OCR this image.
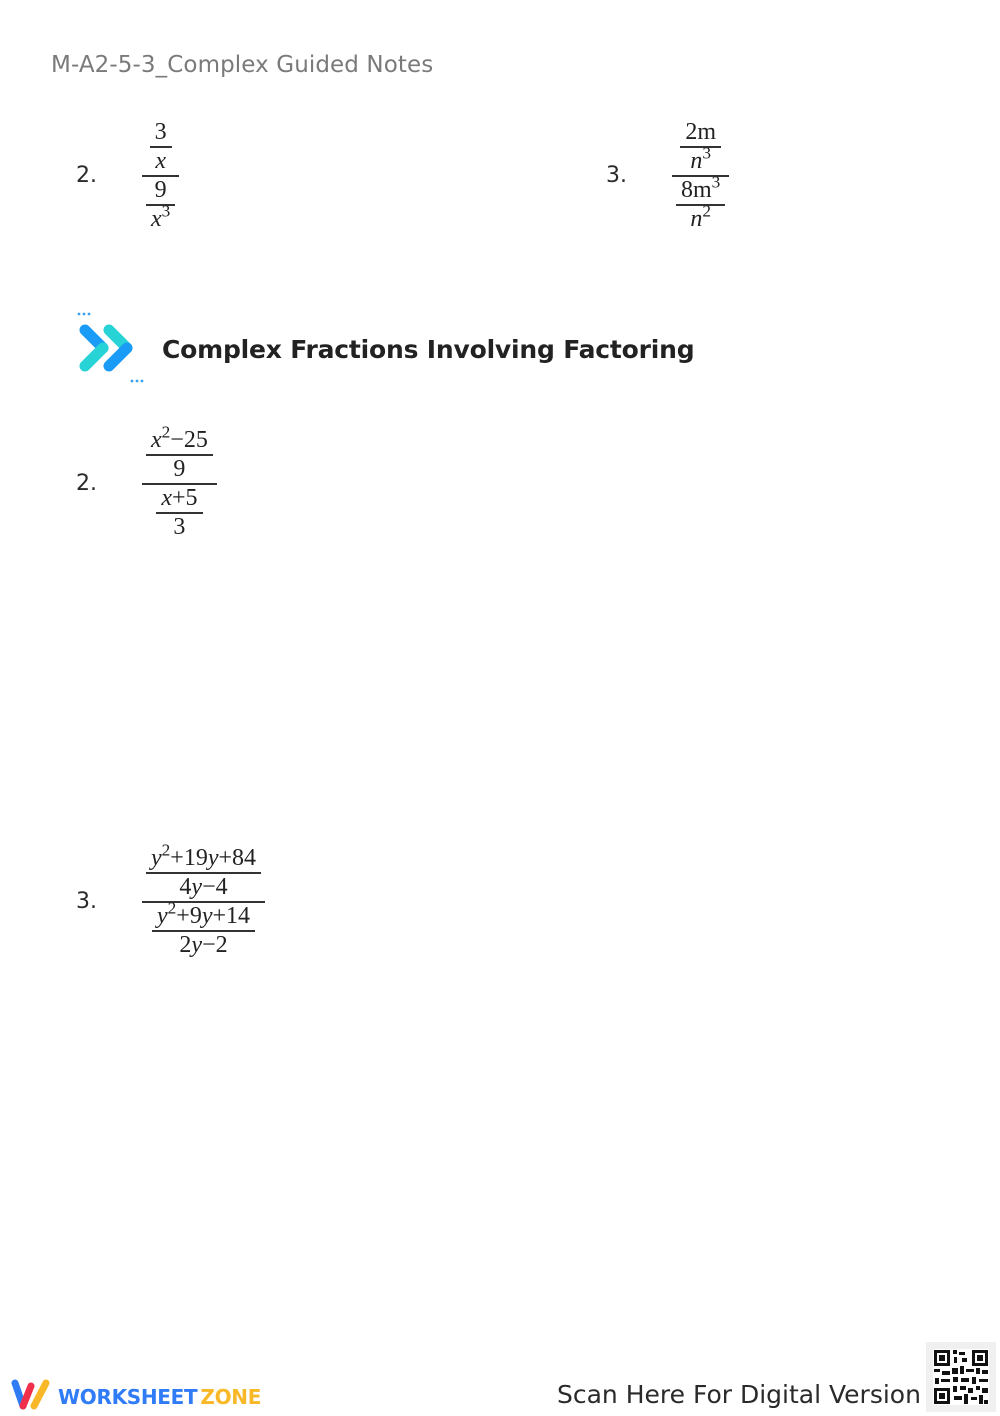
M-A2-5-3_Complex Guided Notes
2.	$\frac{\frac{3}{x}}{\frac{9}{x^3}}$	3.	$\frac{\frac{2m}{n^3}}{\frac{8m^3}{n^2}}$
Complex Fractions Involving Factoring
2.	$\frac{\frac{x^2-25}{9}}{\frac{x+5}{3}}$
3.	$\frac{\frac{y^2+19y+84}{4y-4}}{\frac{y^2+9y+14}{2y-2}}$
WORKSHEET ZONE	Scan Here For Digital Version
